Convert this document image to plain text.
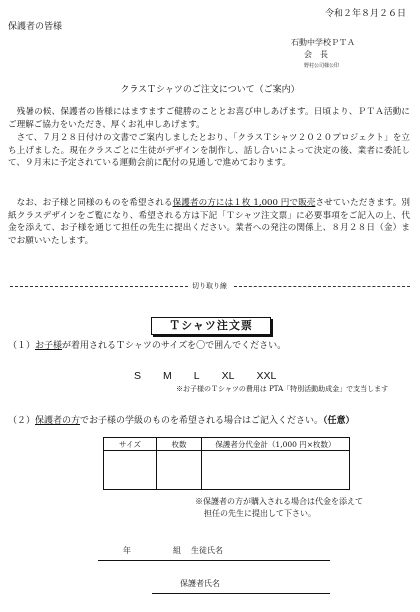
令和２年８月２６日
保護者の皆様
石動中学校ＰＴＡ
会　長
野村公司様公印
クラスＴシャツのご注文について（ご案内）
残暑の候、保護者の皆様にはますますご健勝のこととお喜び申しあげます。日頃より、ＰＴＡ活動にご理解ご協力をいただき、厚くお礼申しあげます。
さて、７月２８日付けの文書でご案内しましたとおり、「クラスＴシャツ２０２０プロジェクト」を立ち上げました。現在クラスごとに生徒がデザインを制作し、話し合いによって決定の後、業者に委託して、９月末に予定されている運動会前に配付の見通しで進めております。
なお、お子様と同様のものを希望される保護者の方には１枚 1,000 円で販売させていただきます。別紙クラスデザインをご覧になり、希望される方は下記「Ｔシャツ注文票」に必要事項をご記入の上、代金を添えて、お子様を通じて担任の先生に提出ください。業者への発注の関係上、８月２８日（金）までお願いいたします。
切り取り線
Ｔシャツ注文票
（１）お子様が着用されるＴシャツのサイズを〇で囲んでください。
S M L XL XXL
※お子様のＴシャツの費用は PTA「特別活動助成金」で支当します
（２）保護者の方でお子様の学級のものを希望される場合はご記入ください。（任意）
サイズ	枚数	保護者分代金計（1,000 円×枚数）

※保護者の方が購入される場合は代金を添えて
担任の先生に提出して下さい。
年	組 生徒氏名
保護者氏名
